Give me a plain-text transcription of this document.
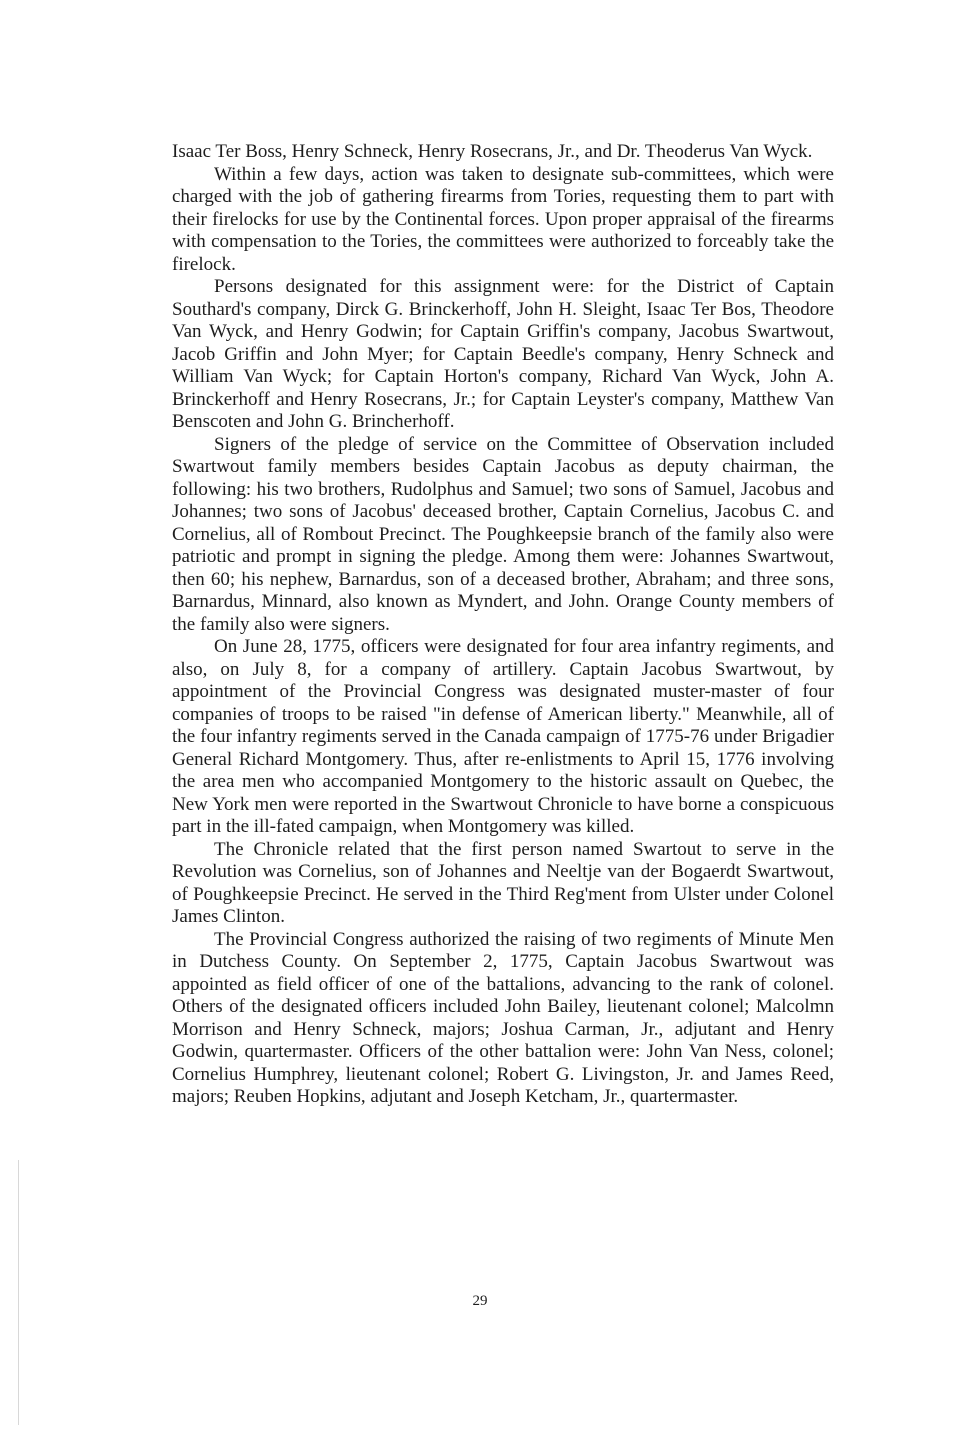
Isaac Ter Boss, Henry Schneck, Henry Rosecrans, Jr., and Dr. Theoderus Van Wyck.

Within a few days, action was taken to designate sub-committees, which were charged with the job of gathering firearms from Tories, requesting them to part with their firelocks for use by the Continental forces. Upon proper appraisal of the firearms with compensation to the Tories, the committees were authorized to forceably take the firelock.

Persons designated for this assignment were: for the District of Captain Southard's company, Dirck G. Brinckerhoff, John H. Sleight, Isaac Ter Bos, Theodore Van Wyck, and Henry Godwin; for Captain Griffin's company, Jacobus Swartwout, Jacob Griffin and John Myer; for Captain Beedle's company, Henry Schneck and William Van Wyck; for Captain Horton's company, Richard Van Wyck, John A. Brinckerhoff and Henry Rosecrans, Jr.; for Captain Leyster's company, Matthew Van Benscoten and John G. Brincherhoff.

Signers of the pledge of service on the Committee of Observation included Swartwout family members besides Captain Jacobus as deputy chairman, the following: his two brothers, Rudolphus and Samuel; two sons of Samuel, Jacobus and Johannes; two sons of Jacobus' deceased brother, Captain Cornelius, Jacobus C. and Cornelius, all of Rombout Precinct. The Poughkeepsie branch of the family also were patriotic and prompt in signing the pledge. Among them were: Johannes Swartwout, then 60; his nephew, Barnardus, son of a deceased brother, Abraham; and three sons, Barnardus, Minnard, also known as Myndert, and John. Orange County members of the family also were signers.

On June 28, 1775, officers were designated for four area infantry regiments, and also, on July 8, for a company of artillery. Captain Jacobus Swartwout, by appointment of the Provincial Congress was designated muster-master of four companies of troops to be raised "in defense of American liberty." Meanwhile, all of the four infantry regiments served in the Canada campaign of 1775-76 under Brigadier General Richard Montgomery. Thus, after re-enlistments to April 15, 1776 involving the area men who accompanied Montgomery to the historic assault on Quebec, the New York men were reported in the Swartwout Chronicle to have borne a conspicuous part in the ill-fated campaign, when Montgomery was killed.

The Chronicle related that the first person named Swartout to serve in the Revolution was Cornelius, son of Johannes and Neeltje van der Bogaerdt Swartwout, of Poughkeepsie Precinct. He served in the Third Reg'ment from Ulster under Colonel James Clinton.

The Provincial Congress authorized the raising of two regiments of Minute Men in Dutchess County. On September 2, 1775, Captain Jacobus Swartwout was appointed as field officer of one of the battalions, advancing to the rank of colonel. Others of the designated officers included John Bailey, lieutenant colonel; Malcolmn Morrison and Henry Schneck, majors; Joshua Carman, Jr., adjutant and Henry Godwin, quartermaster. Officers of the other battalion were: John Van Ness, colonel; Cornelius Humphrey, lieutenant colonel; Robert G. Livingston, Jr. and James Reed, majors; Reuben Hopkins, adjutant and Joseph Ketcham, Jr., quartermaster.

29
